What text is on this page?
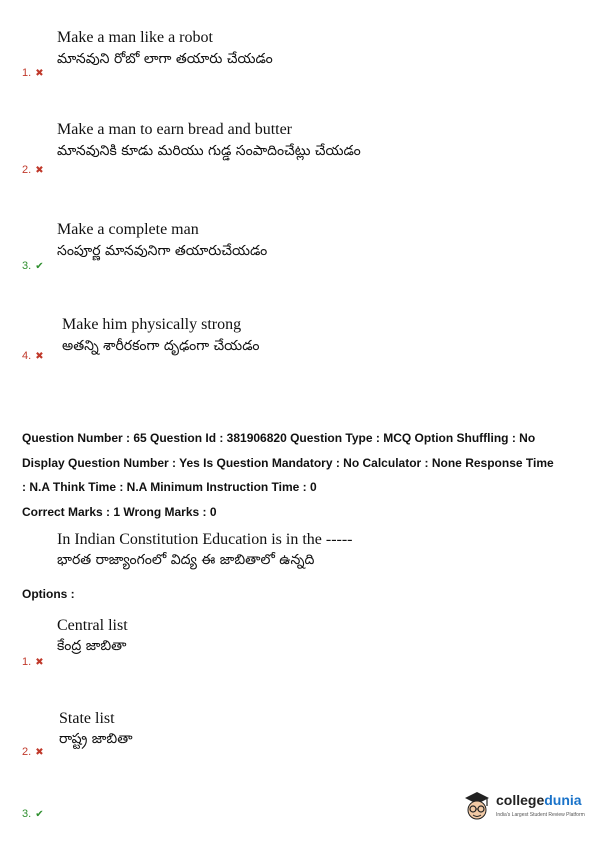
Make a man like a robot
మానవుని రోబో లాగా తయారు చేయడం
1. ✖
Make a man to earn bread and butter
మానవునికి కూడు మరియు గుడ్డ సంపాదించేట్లు చేయడం
2. ✖
Make a complete man
సంపూర్ణ మానవునిగా తయారుచేయడం
3. ✔
Make him physically strong
అతన్ని శారీరకంగా దృఢంగా చేయడం
4. ✖
Question Number : 65 Question Id : 381906820 Question Type : MCQ Option Shuffling : No
Display Question Number : Yes Is Question Mandatory : No Calculator : None Response Time
: N.A Think Time : N.A Minimum Instruction Time : 0
Correct Marks : 1 Wrong Marks : 0
In Indian Constitution Education is in the -----
భారత రాజ్యాంగంలో విద్య ఈ జాబితాలో ఉన్నది
Options :
Central list
కేంద్ర జాబితా
1. ✖
State list
రాష్ట్ర జాబితా
2. ✖
3. ✔
collegedunia
India's Largest Student Review Platform
